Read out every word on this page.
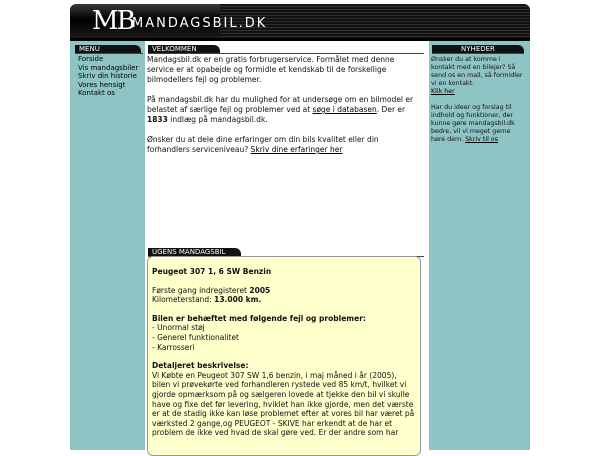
MB
MANDAGSBIL.DK
MENU
Forside
Vis mandagsbiler
Skriv din historie
Vores hensigt
Kontakt os
VELKOMMEN

Mandagsbil.dk er en gratis forbrugerservice. Formålet med denne service er at opabejde og formidle et kendskab til de forskellige bilmodellers fejl og problemer.

På mandagsbil.dk har du mulighed for at undersøge om en bilmodel er belastet af særlige fejl og problemer ved at søge i databasen. Der er 1833 indlæg på mandagsbil.dk.

Ønsker du at dele dine erfaringer om din bils kvalitet eller din forhandlers serviceniveau? Skriv dine erfaringer her

NYHEDER

Ønsker du at komme i kontakt med en bilejer? Så send os en mail, så formidler vi en kontakt.
Klik her

Har du ideer og forslag til indhold og funktioner, der kunne gøre mandagsbil.dk bedre, vil vi meget gerne høre dem. Skriv til os

UGENS MANDAGSBIL

Peugeot 307 1, 6 SW Benzin

Første gang indregisteret 2005
Kilometerstand: 13.000 km.

Bilen er behæftet med følgende fejl og problemer:
- Unormal støj
- Generel funktionalitet
- Karrosseri

Detaljeret beskrivelse:
Vi Købte en Peugeot 307 SW 1,6 benzin, i maj måned i år (2005), bilen vi prøvekørte ved forhandleren rystede ved 85 km/t, hvilket vi gjorde opmærksom på og sælgeren lovede at tjekke den bil vi skulle have og fixe det før levering, hviklet han ikke gjorde, men det værste er at de stadig ikke kan løse problemet efter at vores bil har været på værksted 2 gange,og PEUGEOT - SKIVE har erkendt at de har et problem de ikke ved hvad de skal gøre ved. Er der andre som har
